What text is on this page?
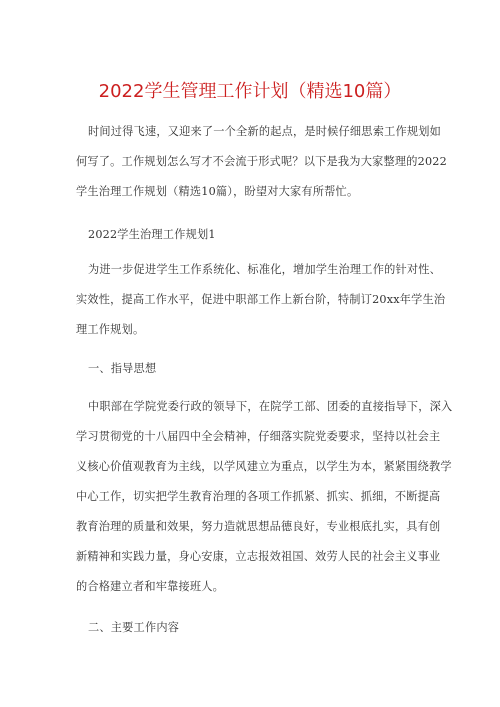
2022学生管理工作计划（精选10篇）
时间过得飞速，又迎来了一个全新的起点，是时候仔细思索工作规划如
何写了。工作规划怎么写才不会流于形式呢？以下是我为大家整理的2022
学生治理工作规划（精选10篇），盼望对大家有所帮忙。
2022学生治理工作规划1
为进一步促进学生工作系统化、标准化，增加学生治理工作的针对性、
实效性，提高工作水平，促进中职部工作上新台阶，特制订20xx年学生治
理工作规划。
一、指导思想
中职部在学院党委行政的领导下，在院学工部、团委的直接指导下，深入
学习贯彻党的十八届四中全会精神，仔细落实院党委要求，坚持以社会主
义核心价值观教育为主线，以学风建立为重点，以学生为本，紧紧围绕教学
中心工作，切实把学生教育治理的各项工作抓紧、抓实、抓细，不断提高
教育治理的质量和效果，努力造就思想品德良好，专业根底扎实，具有创
新精神和实践力量，身心安康，立志报效祖国、效劳人民的社会主义事业
的合格建立者和牢靠接班人。
二、主要工作内容
